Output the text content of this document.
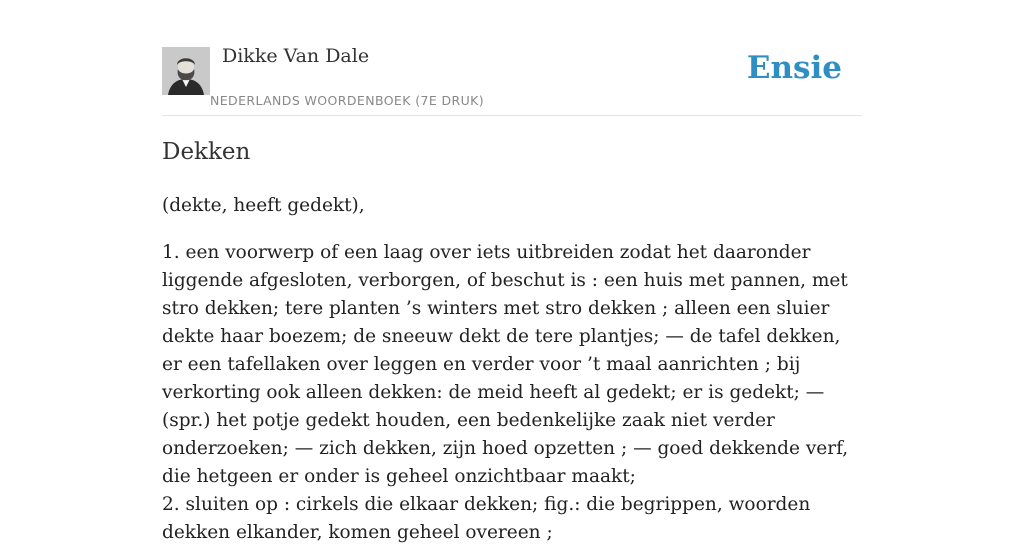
Dikke Van Dale
NEDERLANDS WOORDENBOEK (7E DRUK)
Ensie
Dekken

(dekte, heeft gedekt),

1. een voorwerp of een laag over iets uitbreiden zodat het daaronder liggende afgesloten, verborgen, of beschut is : een huis met pannen, met stro dekken; tere planten ’s winters met stro dekken ; alleen een sluier dekte haar boezem; de sneeuw dekt de tere plantjes; — de tafel dekken, er een tafellaken over leggen en verder voor ’t maal aanrichten ; bij verkorting ook alleen dekken: de meid heeft al gedekt; er is gedekt; — (spr.) het potje gedekt houden, een bedenkelijke zaak niet verder onderzoeken; — zich dekken, zijn hoed opzetten ; — goed dekkende verf, die hetgeen er onder is geheel onzichtbaar maakt;

2. sluiten op : cirkels die elkaar dekken; fig.: die begrippen, woorden dekken elkander, komen geheel overeen ;
